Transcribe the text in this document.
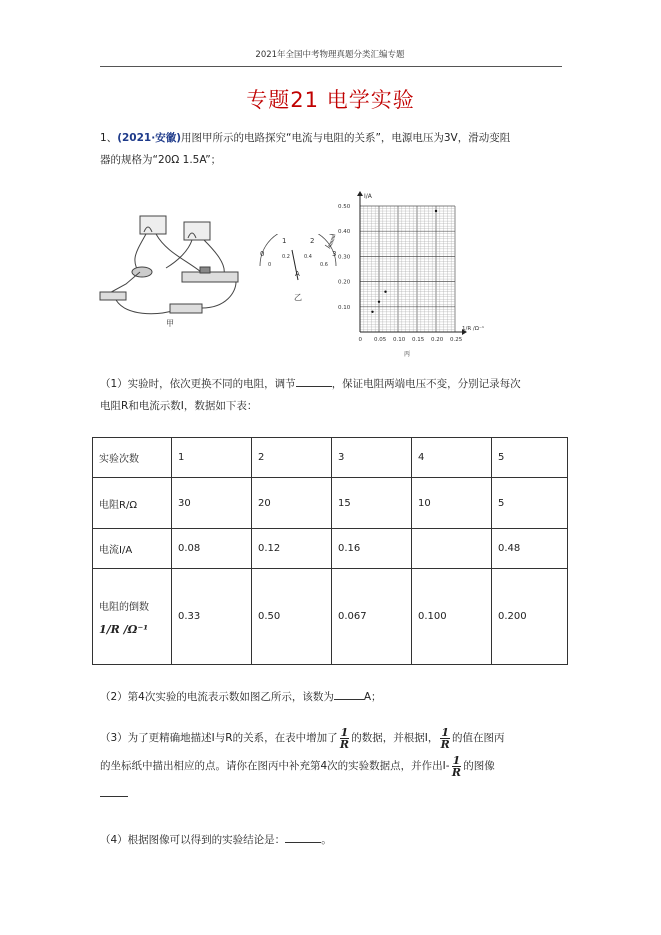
2021年全国中考物理真题分类汇编专题
专题21 电学实验
1、(2021·安徽)用图甲所示的电路探究“电流与电阻的关系”，电源电压为3V，滑动变阻
器的规格为“20Ω 1.5A”；
甲
0
1	2
3
0
0.2	0.4
0.6
A
乙
I/A
1/R /Ω⁻¹
0.10
0.20
0.30
0.40
0.50
0 0.05 0.10 0.15 0.20 0.25
丙
（1）实验时，依次更换不同的电阻，调节	，保证电阻两端电压不变，分别记录每次
电阻R和电流示数I，数据如下表：
实验次数	1	2	3	4	5
电阻R/Ω	30	20	15	10	5
电流I/A	0.08	0.12	0.16		0.48

电阻的倒数
1/R /Ω⁻¹	0.33	0.50	0.067	0.100	0.200
（2）第4次实验的电流表示数如图乙所示，该数为	A；
（3）为了更精确地描述I与R的关系，在表中增加了 $\frac{1}{R}$ 的数据，并根据I， $\frac{1}{R}$ 的值在图丙
的坐标纸中描出相应的点。请你在图丙中补充第4次的实验数据点，并作出$I- \frac{1}{R}$ 的图像

（4）根据图像可以得到的实验结论是：	。
